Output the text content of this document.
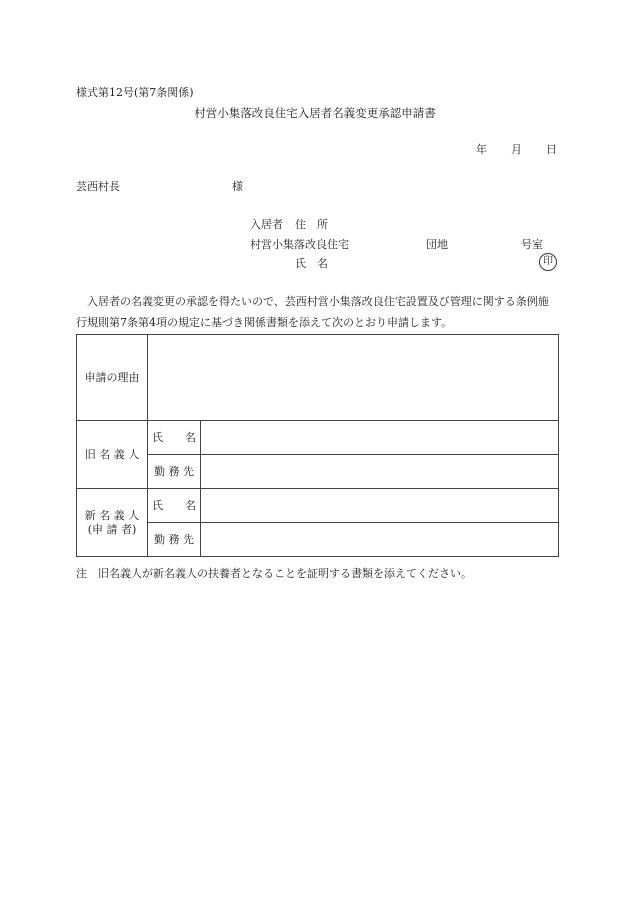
様式第12号(第7条関係)
村営小集落改良住宅入居者名義変更承認申請書
年 月 日
芸西村長	様
入居者 住　所
村営小集落改良住宅	団地	号室
氏　名	印
入居者の名義変更の承認を得たいので、芸西村営小集落改良住宅設置及び管理に関する条例施行規則第7条第4項の規定に基づき関係書類を添えて次のとおり申請します。
申請の理由		
旧 名 義 人	氏　　名	
	勤 務 先	

新 名 義 人
(申 請 者)	氏　　名	
	勤 務 先	
注　旧名義人が新名義人の扶養者となることを証明する書類を添えてください。
